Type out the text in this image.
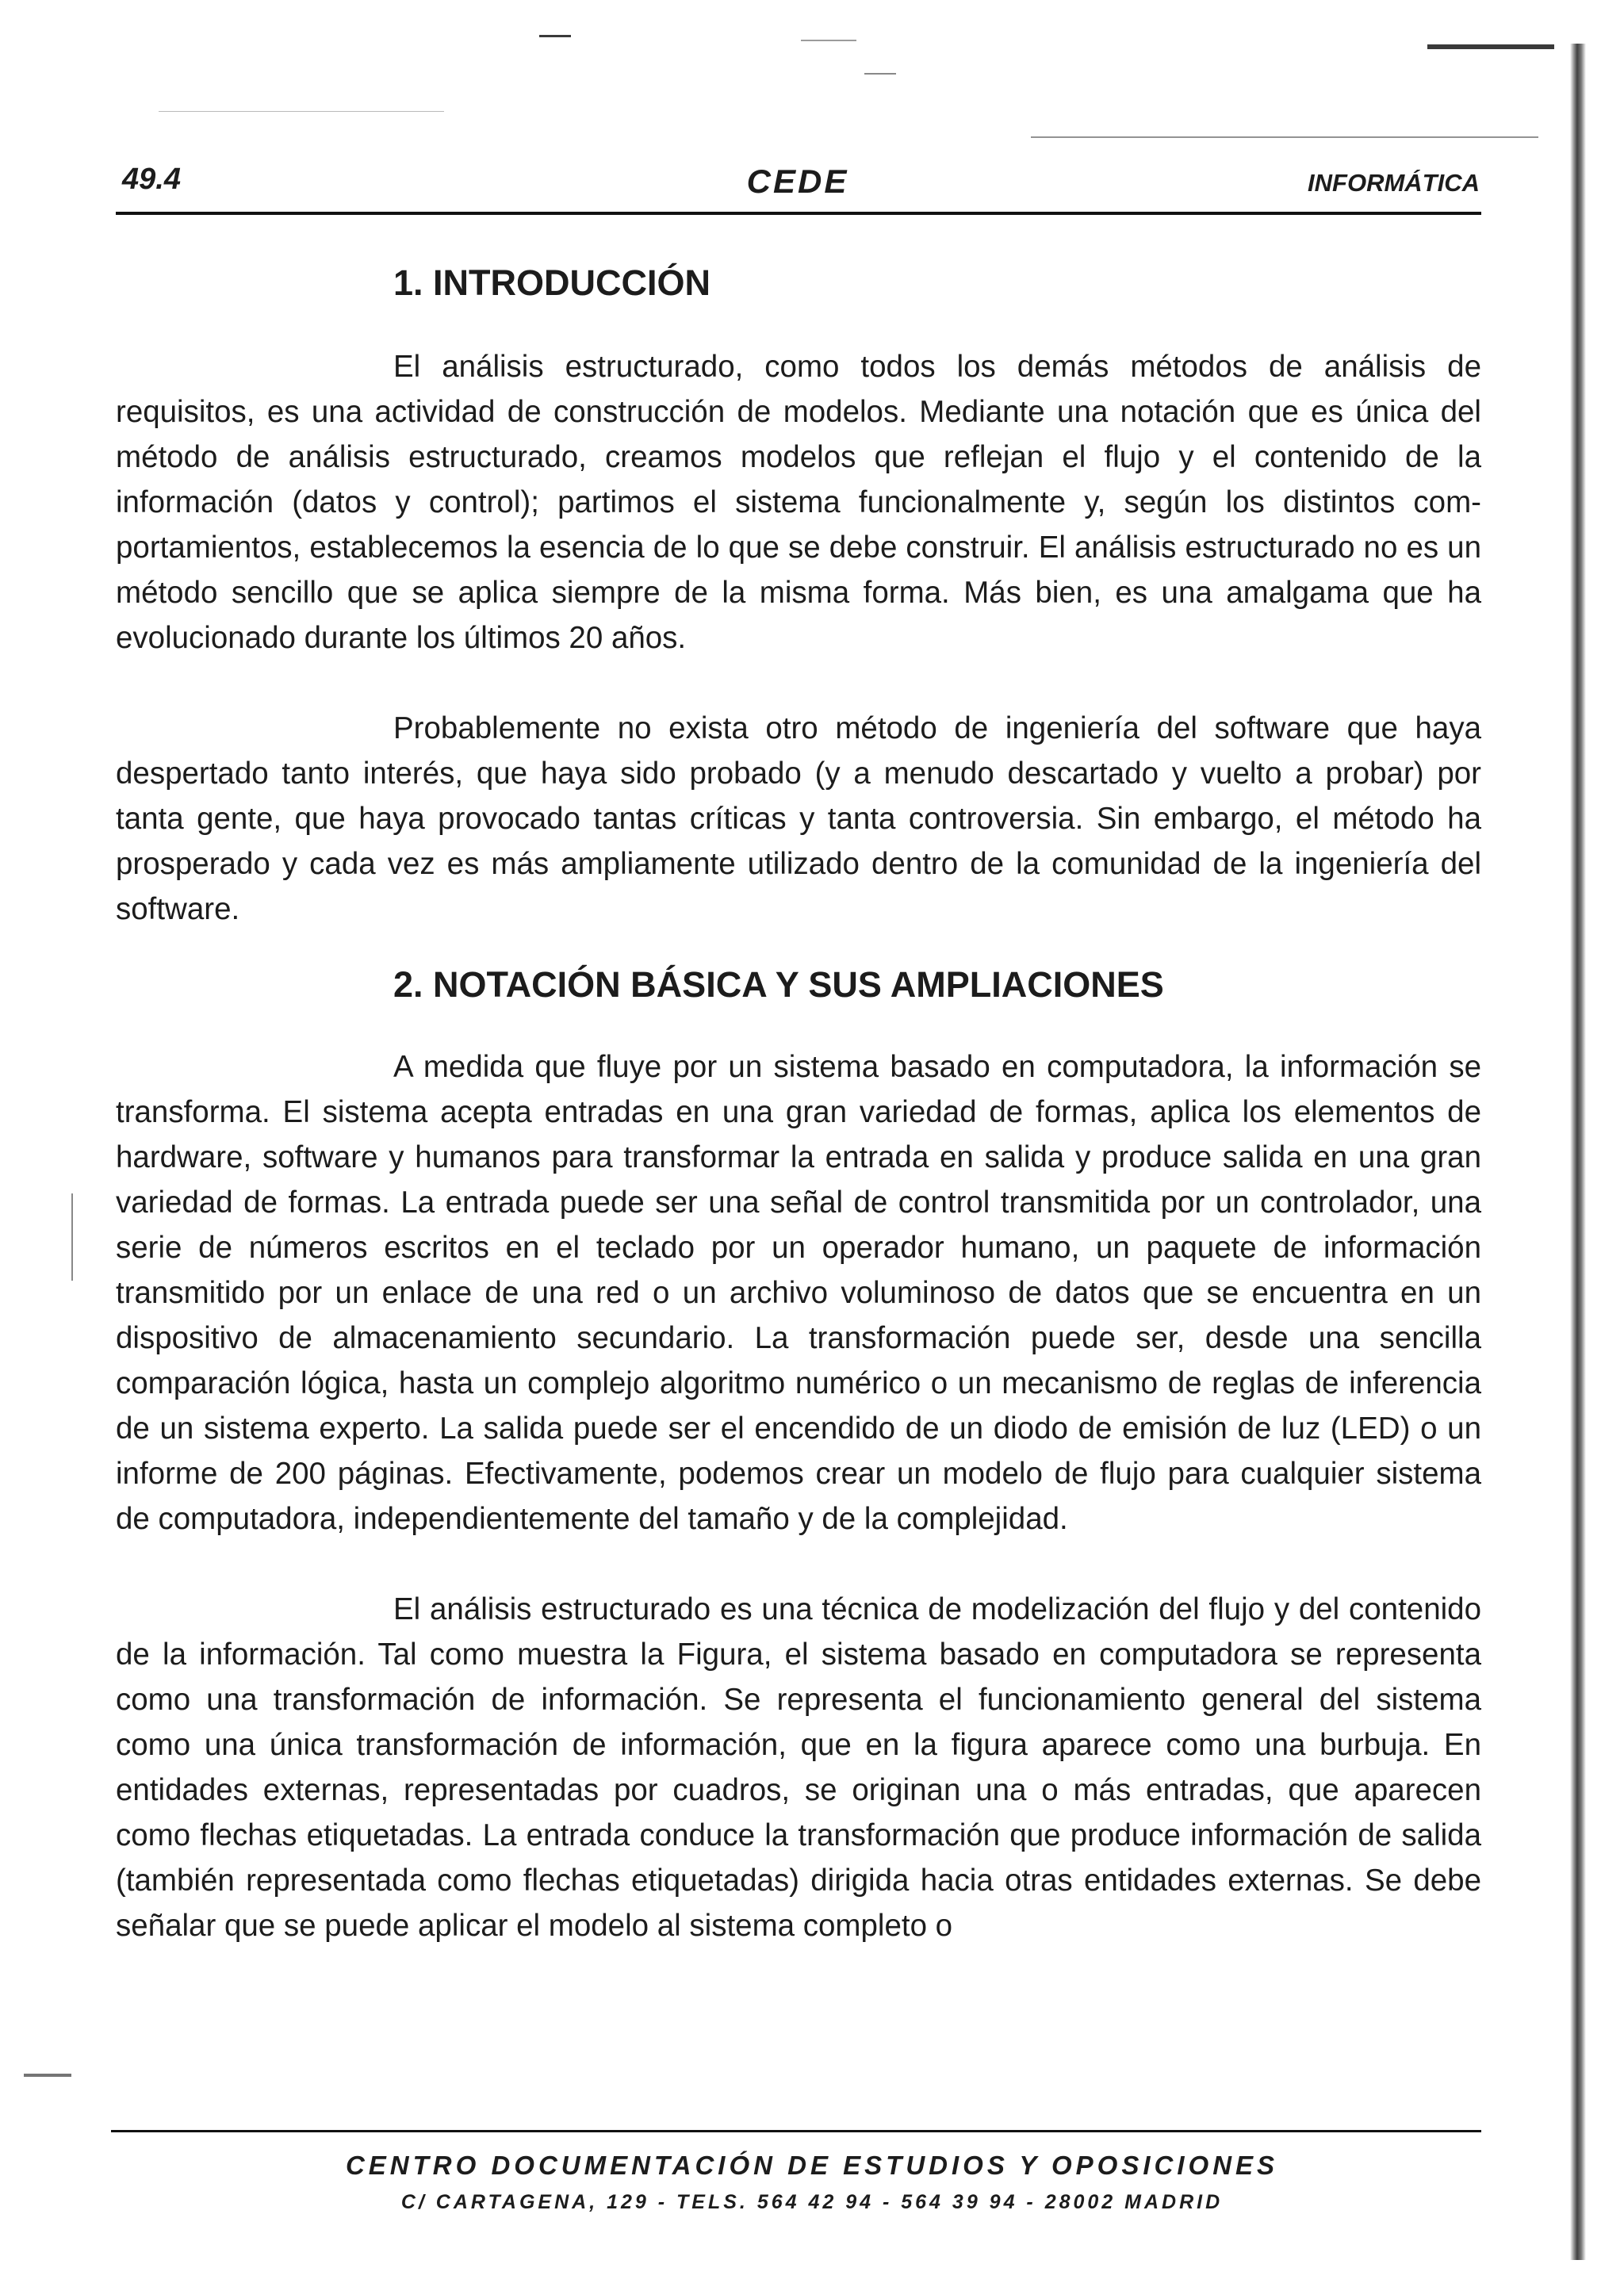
49.4	CEDE	INFORMÁTICA
1. INTRODUCCIÓN

El análisis estructurado, como todos los demás métodos de análisis de requisitos, es una actividad de construcción de modelos. Mediante una notación que es única del método de análisis estructurado, creamos modelos que reflejan el flujo y el contenido de la información (datos y control); partimos el sistema funcionalmente y, según los distintos comportamientos, establecemos la esencia de lo que se debe construir. El análisis estructurado no es un método sencillo que se aplica siempre de la misma forma. Más bien, es una amalgama que ha evolucionado durante los últimos 20 años.

Probablemente no exista otro método de ingeniería del software que haya despertado tanto interés, que haya sido probado (y a menudo descartado y vuelto a probar) por tanta gente, que haya provocado tantas críticas y tanta controversia. Sin embargo, el método ha prosperado y cada vez es más ampliamente utilizado dentro de la comunidad de la ingeniería del software.

2. NOTACIÓN BÁSICA Y SUS AMPLIACIONES

A medida que fluye por un sistema basado en computadora, la información se transforma. El sistema acepta entradas en una gran variedad de formas, aplica los elementos de hardware, software y humanos para transformar la entrada en salida y produce salida en una gran variedad de formas. La entrada puede ser una señal de control transmitida por un controlador, una serie de números escritos en el teclado por un operador humano, un paquete de información transmitido por un enlace de una red o un archivo voluminoso de datos que se encuentra en un dispositivo de almacenamiento secundario. La transformación puede ser, desde una sencilla comparación lógica, hasta un complejo algoritmo numérico o un mecanismo de reglas de inferencia de un sistema experto. La salida puede ser el encendido de un diodo de emisión de luz (LED) o un informe de 200 páginas. Efectivamente, podemos crear un modelo de flujo para cualquier sistema de computadora, independientemente del tamaño y de la complejidad.

El análisis estructurado es una técnica de modelización del flujo y del contenido de la información. Tal como muestra la Figura, el sistema basado en computadora se representa como una transformación de información. Se representa el funcionamiento general del sistema como una única transformación de información, que en la figura aparece como una burbuja. En entidades externas, representadas por cuadros, se originan una o más entradas, que aparecen como flechas etiquetadas. La entrada conduce la transformación que produce información de salida (también representada como flechas etiquetadas) dirigida hacia otras entidades externas. Se debe señalar que se puede aplicar el modelo al sistema completo o

CENTRO DOCUMENTACIÓN DE ESTUDIOS Y OPOSICIONES
C/ CARTAGENA, 129 - TELS. 564 42 94 - 564 39 94 - 28002 MADRID
